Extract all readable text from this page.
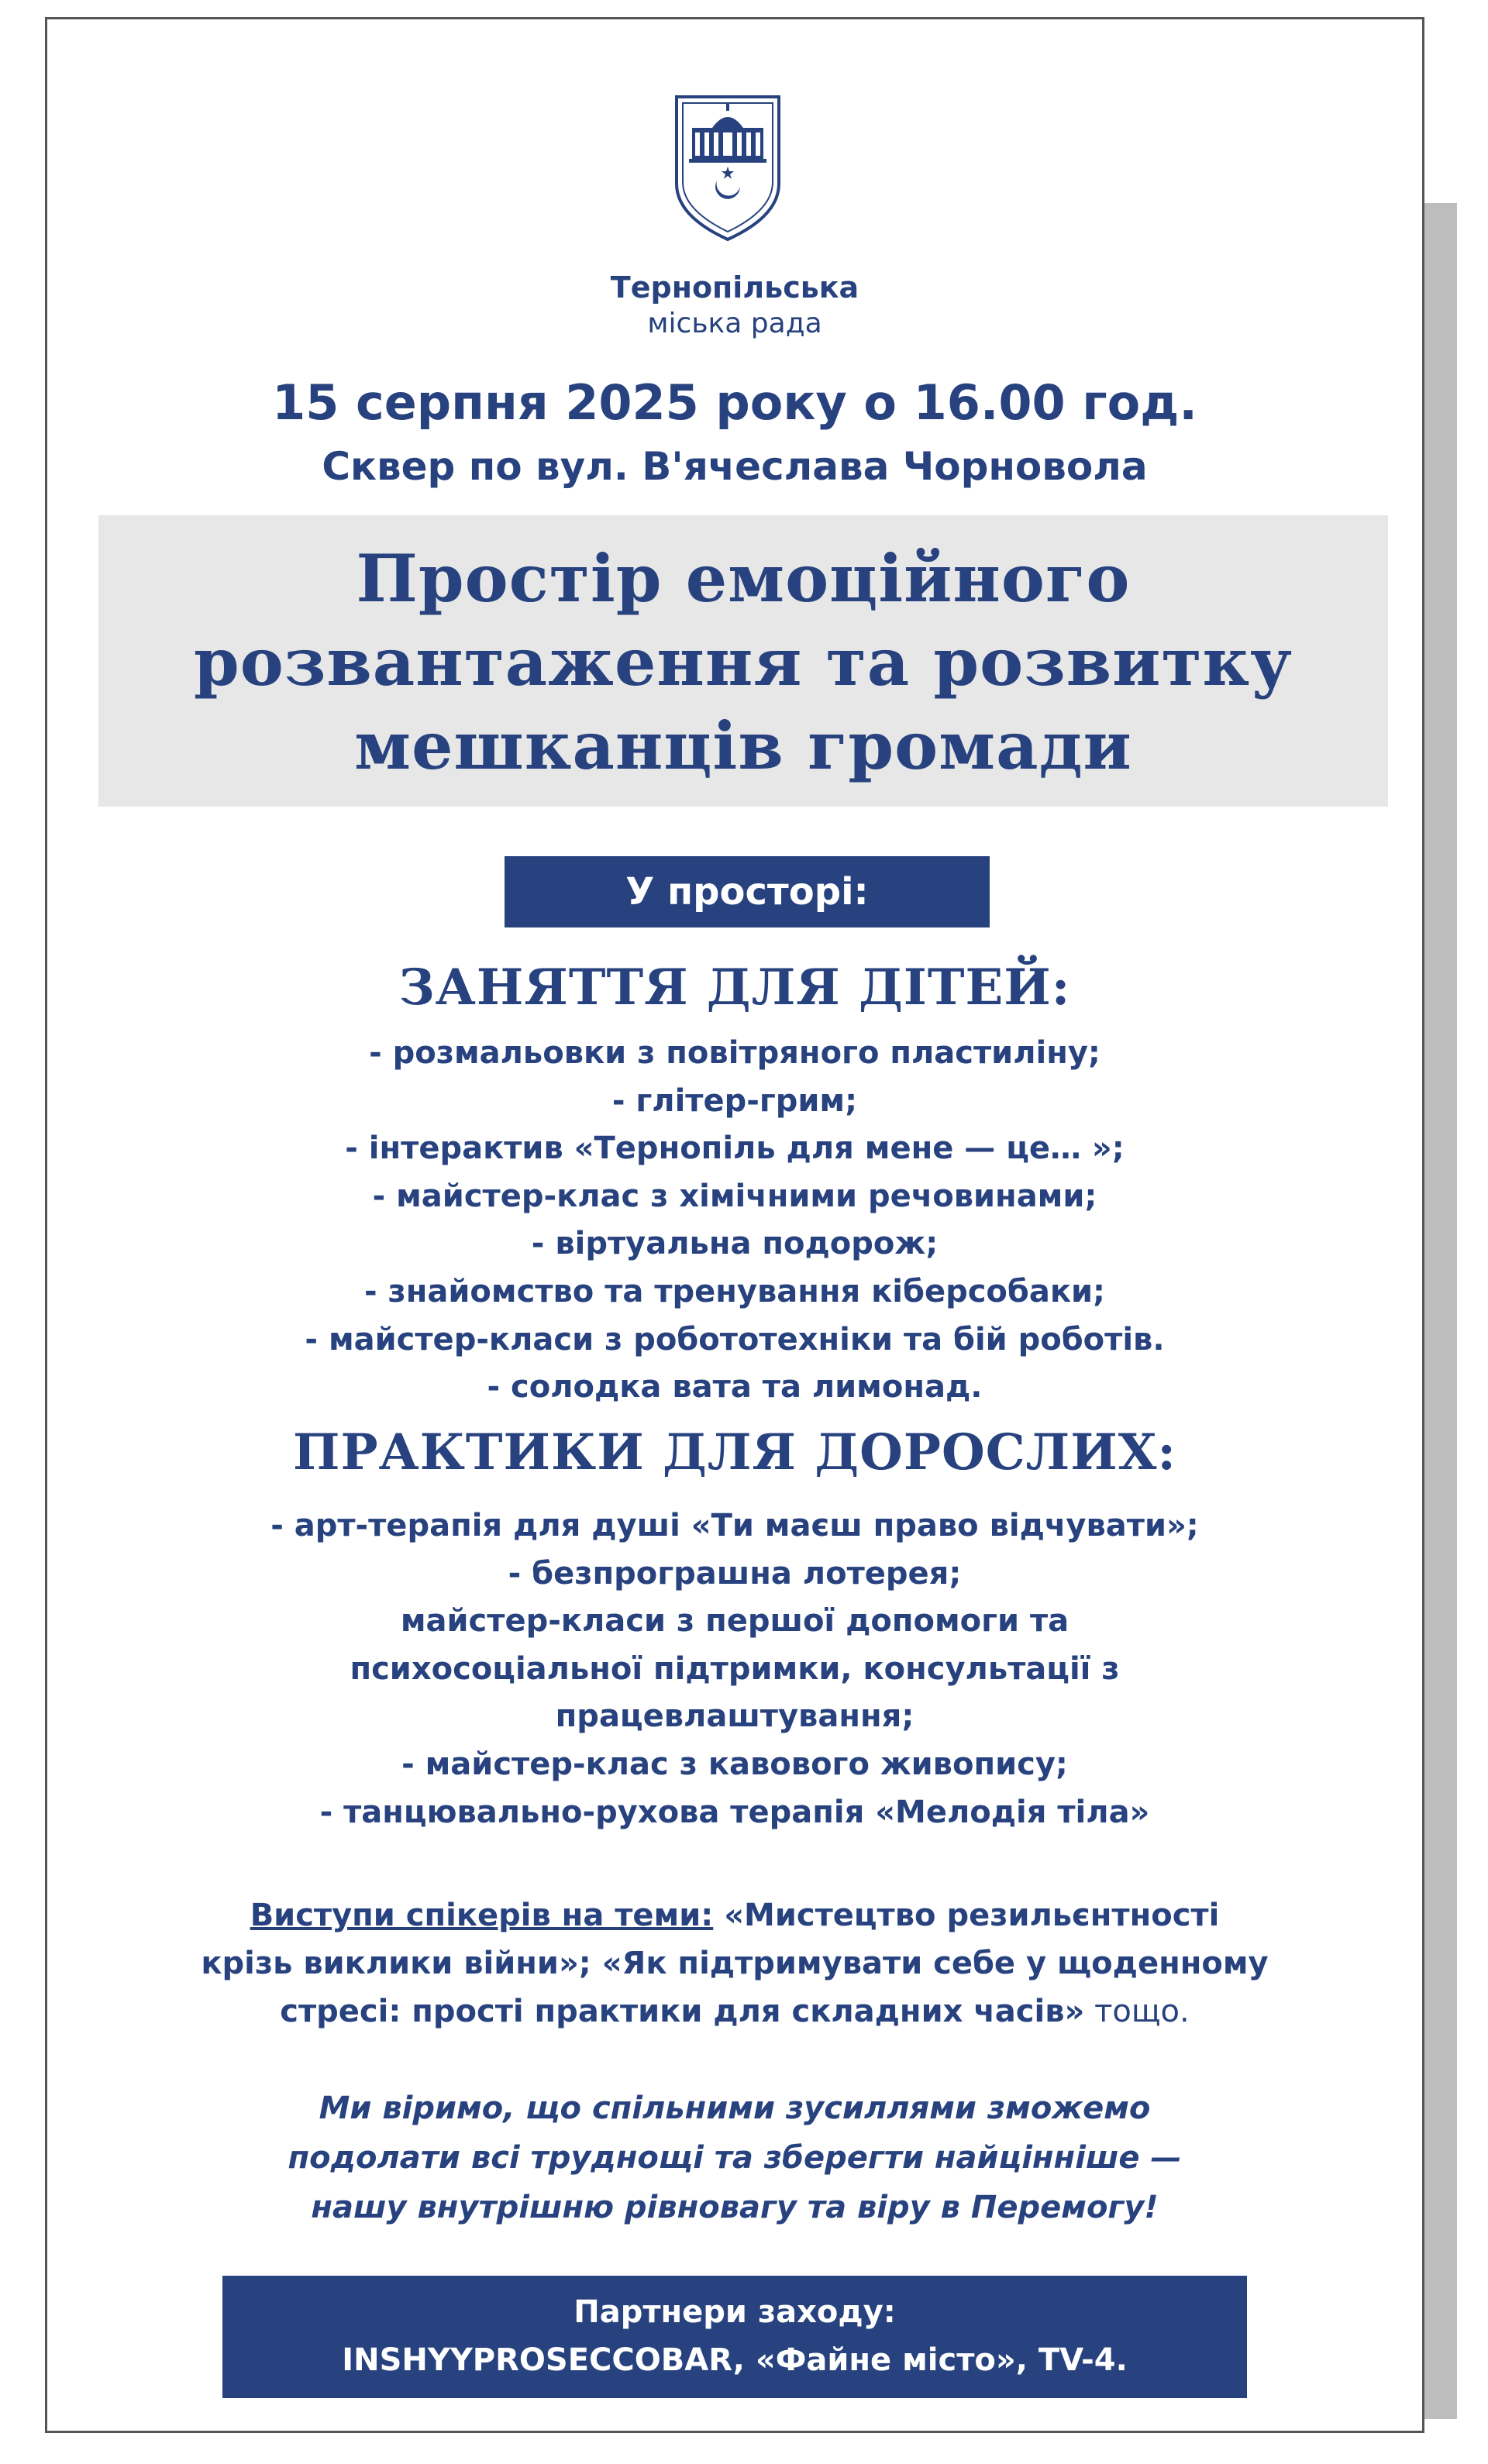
Тернопільська
міська рада
15 серпня 2025 року о 16.00 год.
Сквер по вул. В'ячеслава Чорновола
Простір емоційного
розвантаження та розвитку
мешканців громади
У просторі:
ЗАНЯТТЯ ДЛЯ ДІТЕЙ:
- розмальовки з повітряного пластиліну;
- глітер-грим;
- інтерактив «Тернопіль для мене — це… »;
- майстер-клас з хімічними речовинами;
- віртуальна подорож;
- знайомство та тренування кіберсобаки;
- майстер-класи з робототехніки та бій роботів.
- солодка вата та лимонад.
ПРАКТИКИ ДЛЯ ДОРОСЛИХ:
- арт-терапія для душі «Ти маєш право відчувати»;
- безпрограшна лотерея;
майстер-класи з першої допомоги та
психосоціальної підтримки, консультації з
працевлаштування;
- майстер-клас з кавового живопису;
- танцювально-рухова терапія «Мелодія тіла»
Виступи спікерів на теми: «Мистецтво резильєнтності
крізь виклики війни»; «Як підтримувати себе у щоденному
стресі: прості практики для складних часів» тощо.
Ми віримо, що спільними зусиллями зможемо
подолати всі труднощі та зберегти найцінніше —
нашу внутрішню рівновагу та віру в Перемогу!
Партнери заходу:
INSHYYPROSECCOBAR, «Файне місто», TV-4.
